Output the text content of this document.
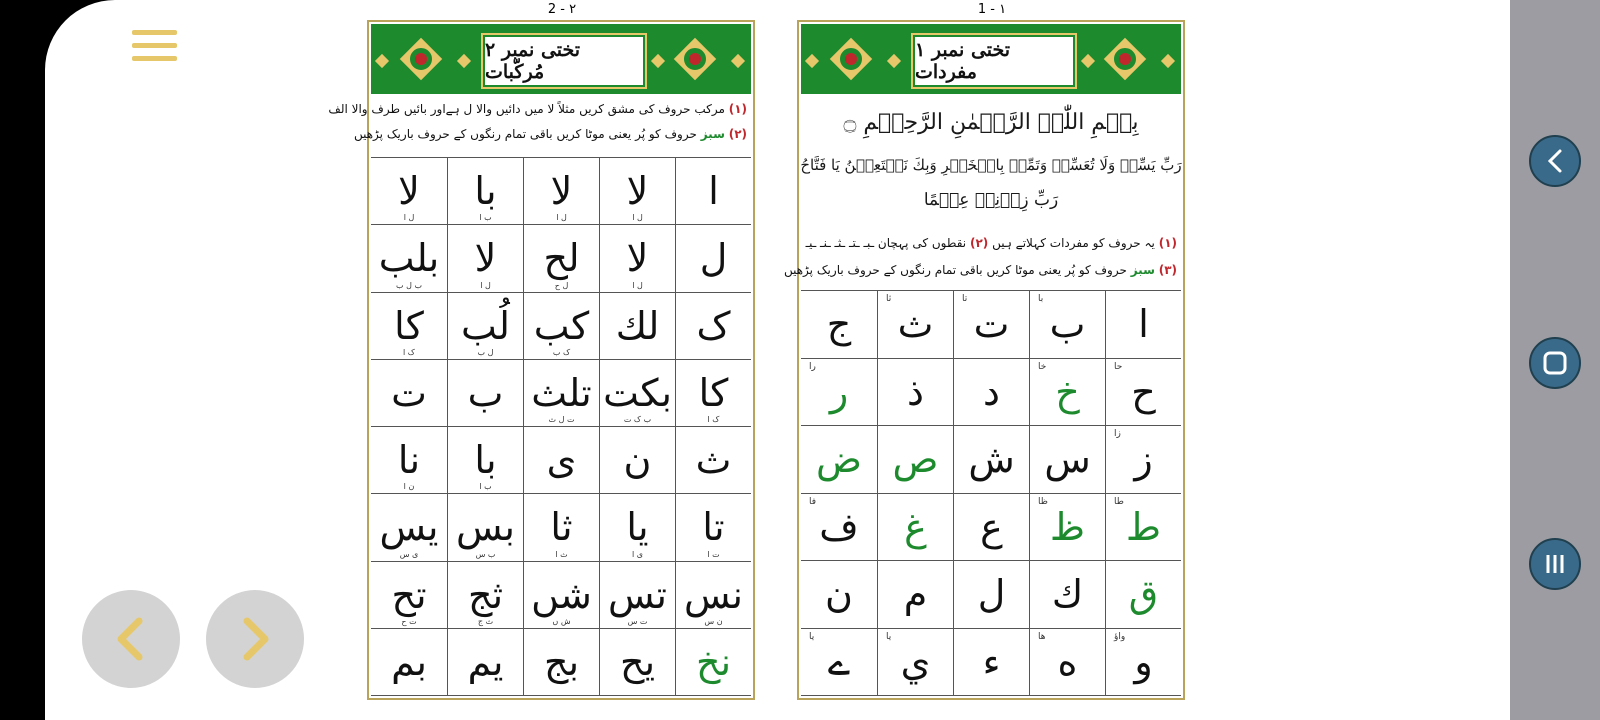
2 - ۲
تختی نمبر ۲ مُرکّبات
(۱) مرکب حروف کی مشق کریں مثلاً لا میں دائیں والا ل ہےاور بائیں طرف والا الف
(۲) سبز حروف کو پُر یعنی موٹا کریں باقی تمام رنگوں کے حروف باریک پڑھیں
ا
لا
ل ا
لا
ل ا
با
ب ا
لا
ل ا
ل
لا
ل ا
لح
ل ح
لا
ل ا
بلب
ب ل ب
ک
لك
کب
ک ب
لُب
ل ب
کا
ک ا
کا
ک ا
بکت
ب ک ت
تلث
ت ل ث
ب
ت
ث
ن
ی
با
ب ا
نا
ن ا
تا
ت ا
یا
ی ا
ثا
ث ا
بس
ب س
یس
ی س
نس
ن س
تس
ت س
شں
ش ں
ثج
ث ج
تح
ت ح
نخ
یح
بج
یم
بم
1 - ۱
تختی نمبر ۱ مفردات
بِسۡمِ اللّٰہِ الرَّحۡمٰنِ الرَّحِیۡمِ ۝
رَبِّ یَسِّرۡ وَلَا تُعَسِّرۡ وَتَمِّمۡ بِالۡخَیۡرِ وَبِكَ نَسۡتَعِیۡنُ یَا فَتَّاحُ
رَبِّ زِدۡنِیۡ عِلۡمًا
(۱) یہ حروف کو مفردات کہلاتے ہیں (۲) نقطوں کی پہچان ـبـ ـتـ ـثـ ـنـ ـيـ
(۳) سبز حروف کو پُر یعنی موٹا کریں باقی تمام رنگوں کے حروف باریک پڑھیں
ا
ب
با
ت
تا
ث
ثا
ج
ح
حا
خ
خا
د
ذ
ر
را
ز
زا
س
ش
ص
ض
ط
طا
ظ
ظا
ع
غ
ف
فا
ق
ك
ل
م
ن
و
واؤ
ه
ها
ء
ي
یا
ے
یا
